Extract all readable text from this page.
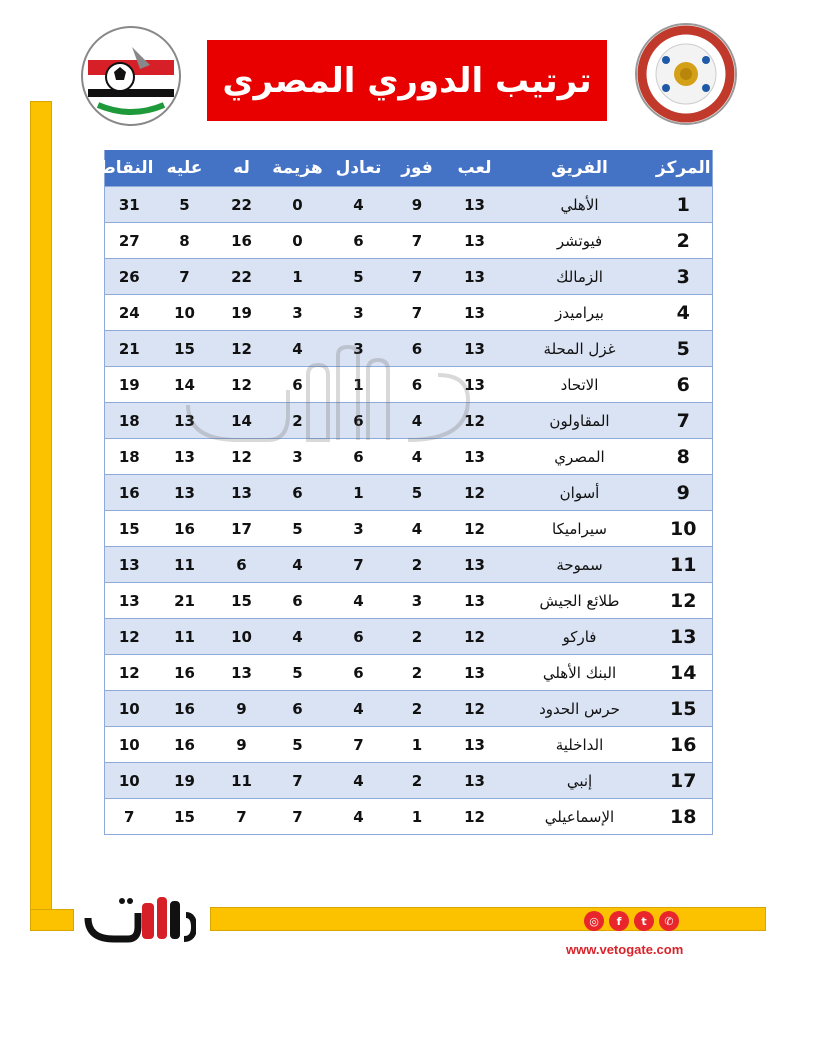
ترتيب الدوري المصري
المركز	الفريق	لعب	فوز	تعادل	هزيمة	له	عليه	النقاط
1	الأهلي	13	9	4	0	22	5	31
2	فيوتشر	13	7	6	0	16	8	27
3	الزمالك	13	7	5	1	22	7	26
4	بيراميدز	13	7	3	3	19	10	24
5	غزل المحلة	13	6	3	4	12	15	21
6	الاتحاد	13	6	1	6	12	14	19
7	المقاولون	12	4	6	2	14	13	18
8	المصري	13	4	6	3	12	13	18
9	أسوان	12	5	1	6	13	13	16
10	سيراميكا	12	4	3	5	17	16	15
11	سموحة	13	2	7	4	6	11	13
12	طلائع الجيش	13	3	4	6	15	21	13
13	فاركو	12	2	6	4	10	11	12
14	البنك الأهلي	13	2	6	5	13	16	12
15	حرس الحدود	12	2	4	6	9	16	10
16	الداخلية	13	1	7	5	9	16	10
17	إنبي	13	2	4	7	11	19	10
18	الإسماعيلي	12	1	4	7	7	15	7
◎	f	t	✆
www.vetogate.com
